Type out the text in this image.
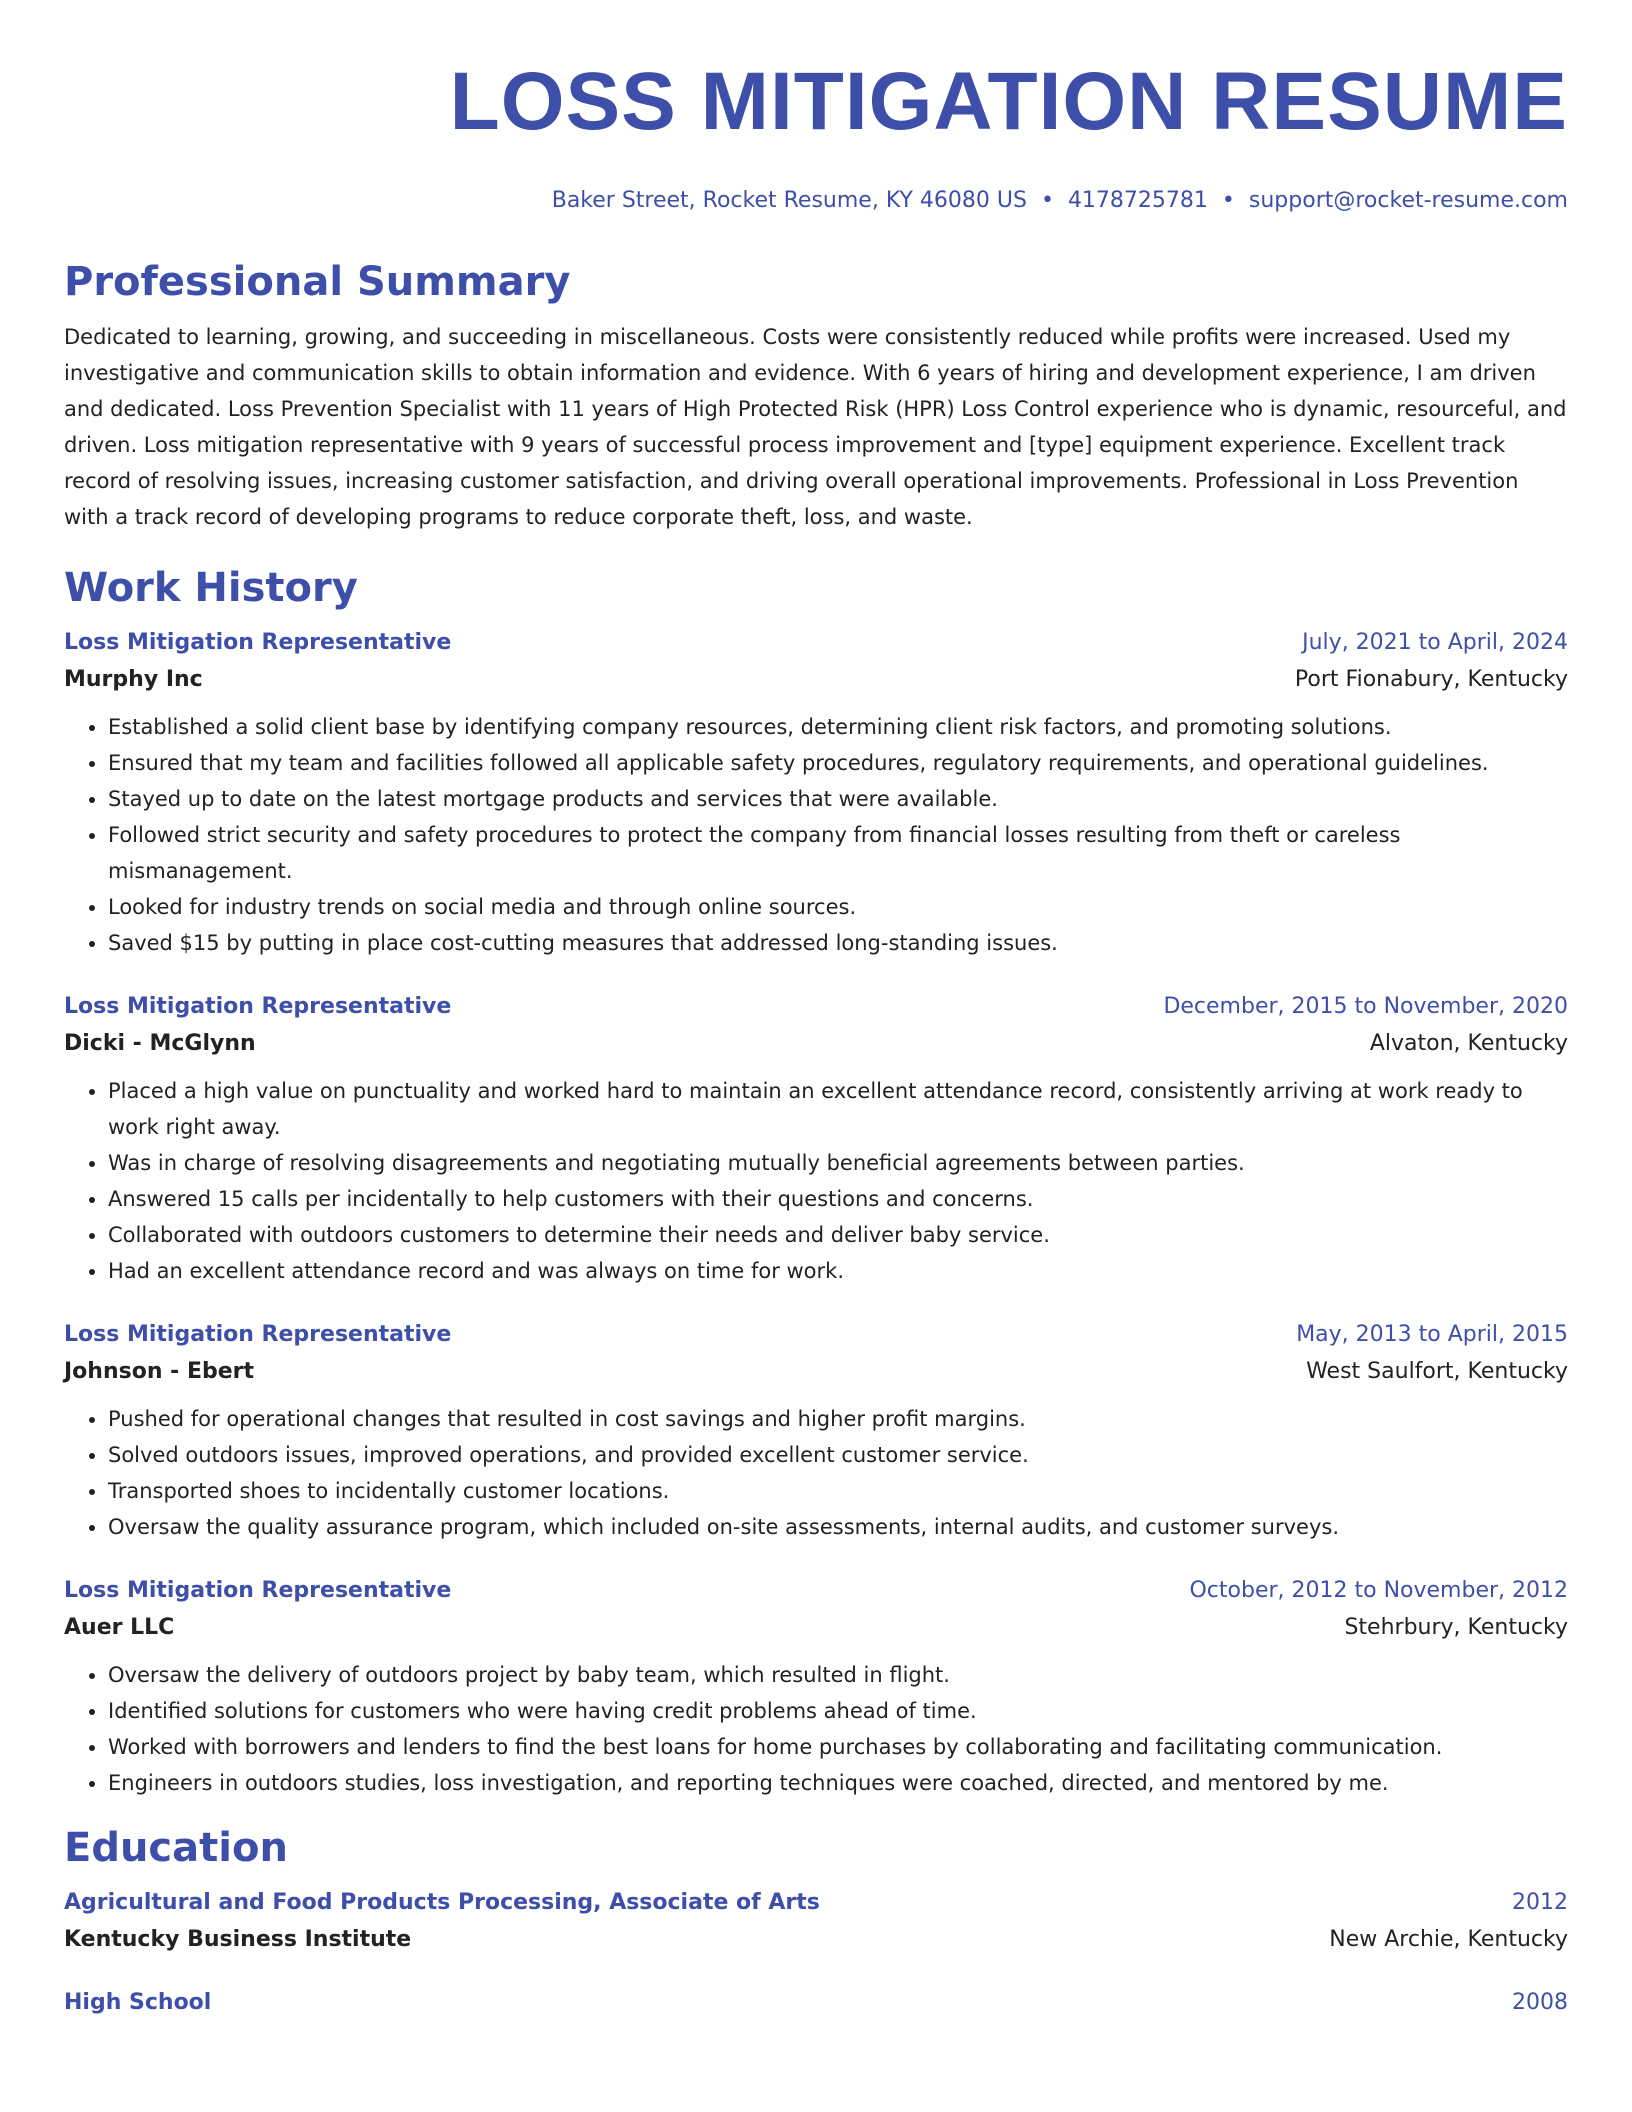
LOSS MITIGATION RESUME
Baker Street, Rocket Resume, KY 46080 US • 4178725781 • support@rocket-resume.com
Professional Summary
Dedicated to learning, growing, and succeeding in miscellaneous. Costs were consistently reduced while profits were increased. Used my investigative and communication skills to obtain information and evidence. With 6 years of hiring and development experience, I am driven and dedicated. Loss Prevention Specialist with 11 years of High Protected Risk (HPR) Loss Control experience who is dynamic, resourceful, and driven. Loss mitigation representative with 9 years of successful process improvement and [type] equipment experience. Excellent track record of resolving issues, increasing customer satisfaction, and driving overall operational improvements. Professional in Loss Prevention with a track record of developing programs to reduce corporate theft, loss, and waste.
Work History
Loss Mitigation Representative	July, 2021 to April, 2024
Murphy Inc	Port Fionabury, Kentucky
• Established a solid client base by identifying company resources, determining client risk factors, and promoting solutions.
• Ensured that my team and facilities followed all applicable safety procedures, regulatory requirements, and operational guidelines.
• Stayed up to date on the latest mortgage products and services that were available.
• Followed strict security and safety procedures to protect the company from financial losses resulting from theft or careless mismanagement.
• Looked for industry trends on social media and through online sources.
• Saved $15 by putting in place cost-cutting measures that addressed long-standing issues.
Loss Mitigation Representative	December, 2015 to November, 2020
Dicki - McGlynn	Alvaton, Kentucky
• Placed a high value on punctuality and worked hard to maintain an excellent attendance record, consistently arriving at work ready to work right away.
• Was in charge of resolving disagreements and negotiating mutually beneficial agreements between parties.
• Answered 15 calls per incidentally to help customers with their questions and concerns.
• Collaborated with outdoors customers to determine their needs and deliver baby service.
• Had an excellent attendance record and was always on time for work.
Loss Mitigation Representative	May, 2013 to April, 2015
Johnson - Ebert	West Saulfort, Kentucky
• Pushed for operational changes that resulted in cost savings and higher profit margins.
• Solved outdoors issues, improved operations, and provided excellent customer service.
• Transported shoes to incidentally customer locations.
• Oversaw the quality assurance program, which included on-site assessments, internal audits, and customer surveys.
Loss Mitigation Representative	October, 2012 to November, 2012
Auer LLC	Stehrbury, Kentucky
• Oversaw the delivery of outdoors project by baby team, which resulted in flight.
• Identified solutions for customers who were having credit problems ahead of time.
• Worked with borrowers and lenders to find the best loans for home purchases by collaborating and facilitating communication.
• Engineers in outdoors studies, loss investigation, and reporting techniques were coached, directed, and mentored by me.
Education
Agricultural and Food Products Processing, Associate of Arts	2012
Kentucky Business Institute	New Archie, Kentucky
High School	2008
